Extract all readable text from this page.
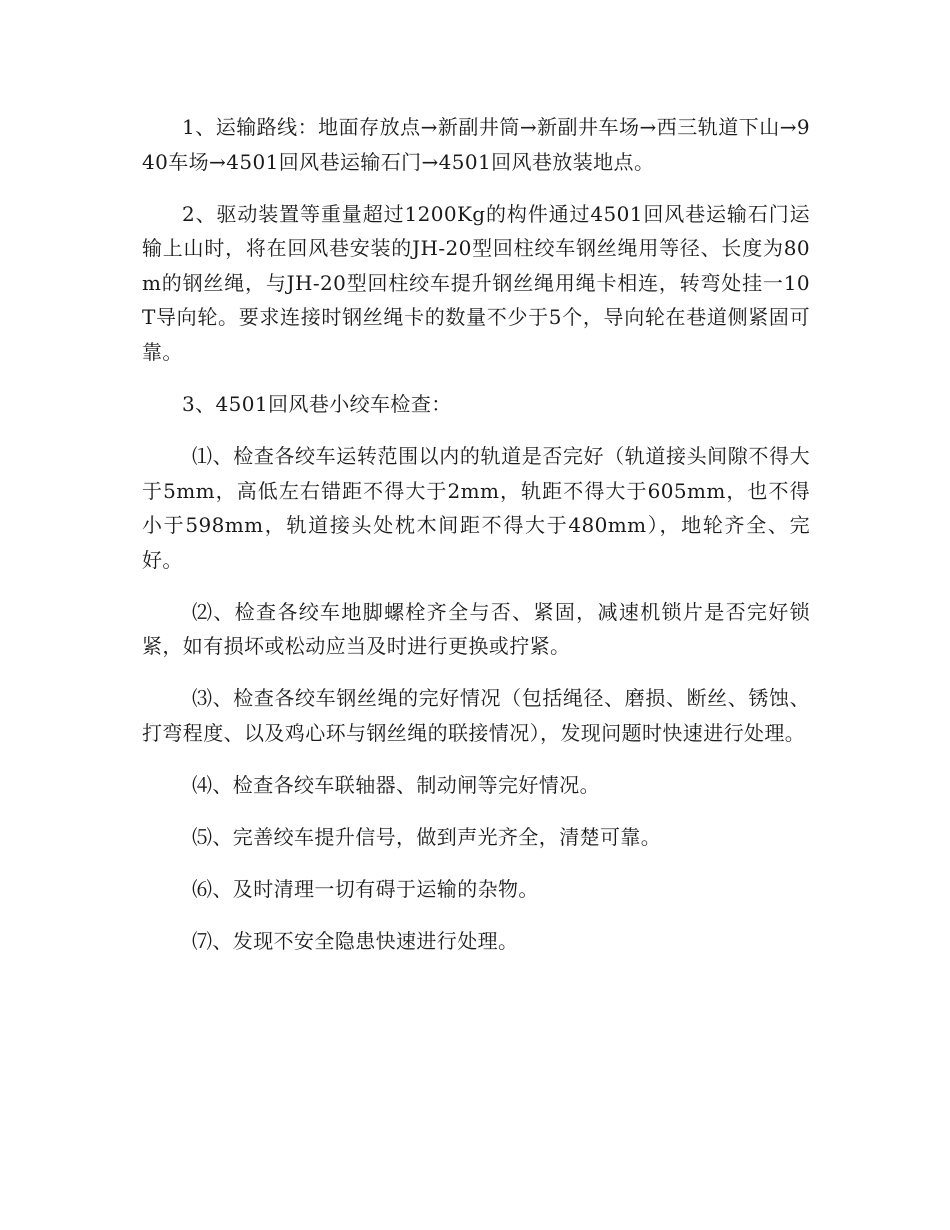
1、运输路线：地面存放点→新副井筒→新副井车场→西三轨道下山→940车场→4501回风巷运输石门→4501回风巷放装地点。

2、驱动装置等重量超过1200Kg的构件通过4501回风巷运输石门运输上山时，将在回风巷安装的JH-20型回柱绞车钢丝绳用等径、长度为80m的钢丝绳，与JH-20型回柱绞车提升钢丝绳用绳卡相连，转弯处挂一10T导向轮。要求连接时钢丝绳卡的数量不少于5个，导向轮在巷道侧紧固可靠。

3、4501回风巷小绞车检查：

⑴、检查各绞车运转范围以内的轨道是否完好（轨道接头间隙不得大于5mm，高低左右错距不得大于2mm，轨距不得大于605mm，也不得小于598mm，轨道接头处枕木间距不得大于480mm），地轮齐全、完好。

⑵、检查各绞车地脚螺栓齐全与否、紧固，减速机锁片是否完好锁紧，如有损坏或松动应当及时进行更换或拧紧。

⑶、检查各绞车钢丝绳的完好情况（包括绳径、磨损、断丝、锈蚀、打弯程度、以及鸡心环与钢丝绳的联接情况），发现问题时快速进行处理。

⑷、检查各绞车联轴器、制动闸等完好情况。

⑸、完善绞车提升信号，做到声光齐全，清楚可靠。

⑹、及时清理一切有碍于运输的杂物。

⑺、发现不安全隐患快速进行处理。
